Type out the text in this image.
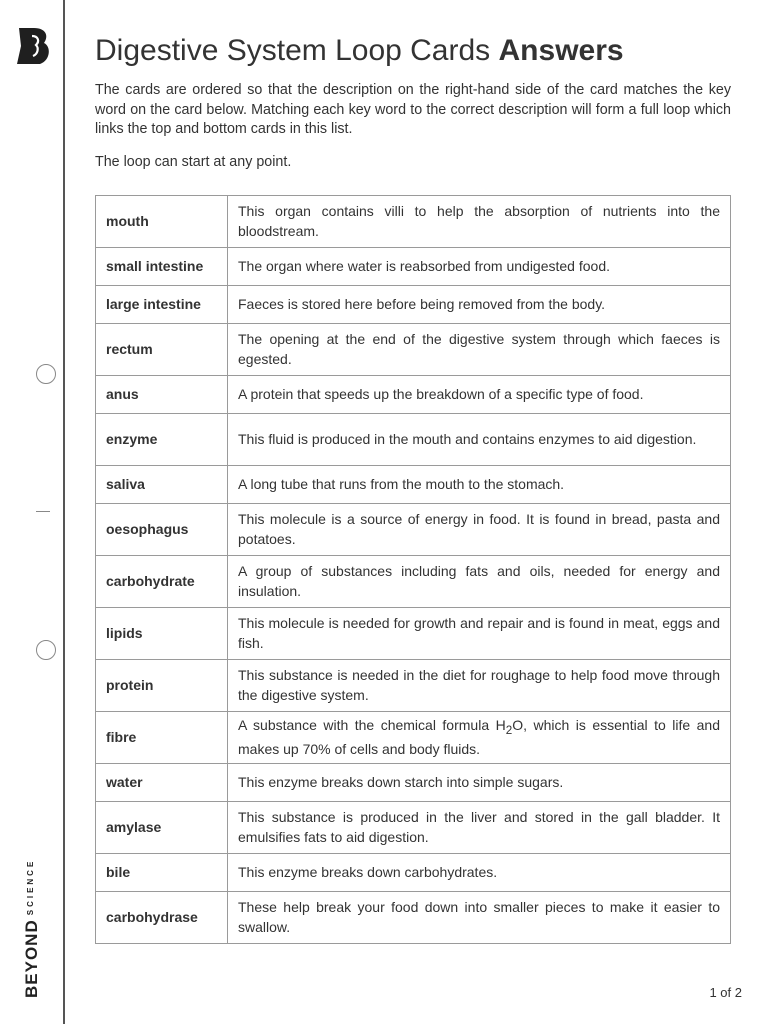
$BEYOND^{SCIENCE}$
Digestive System Loop Cards Answers

The cards are ordered so that the description on the right-hand side of the card matches the key word on the card below. Matching each key word to the correct description will form a full loop which links the top and bottom cards in this list.

The loop can start at any point.

mouth	This organ contains villi to help the absorption of nutrients into the bloodstream.
small intestine	The organ where water is reabsorbed from undigested food.
large intestine	Faeces is stored here before being removed from the body.
rectum	The opening at the end of the digestive system through which faeces is egested.
anus	A protein that speeds up the breakdown of a specific type of food.
enzyme	This fluid is produced in the mouth and contains enzymes to aid digestion.
saliva	A long tube that runs from the mouth to the stomach.
oesophagus	This molecule is a source of energy in food. It is found in bread, pasta and potatoes.
carbohydrate	A group of substances including fats and oils, needed for energy and insulation.
lipids	This molecule is needed for growth and repair and is found in meat, eggs and fish.
protein	This substance is needed in the diet for roughage to help food move through the digestive system.
fibre	A substance with the chemical formula $H_2O$, which is essential to life and makes up 70% of cells and body fluids.
water	This enzyme breaks down starch into simple sugars.
amylase	This substance is produced in the liver and stored in the gall bladder. It emulsifies fats to aid digestion.
bile	This enzyme breaks down carbohydrates.
carbohydrase	These help break your food down into smaller pieces to make it easier to swallow.
1 of 2
